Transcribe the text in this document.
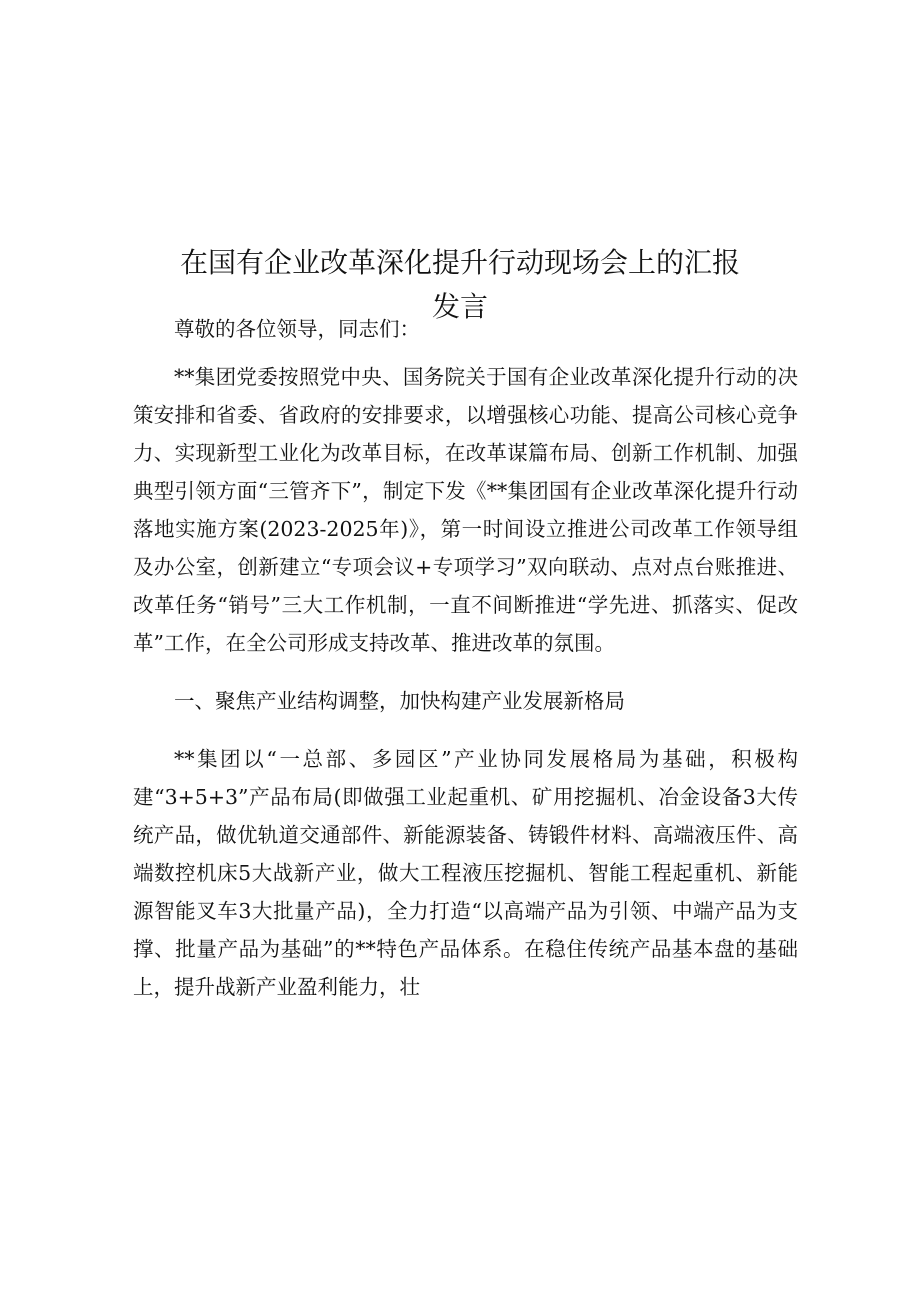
在国有企业改革深化提升行动现场会上的汇报
发言

尊敬的各位领导，同志们：

**集团党委按照党中央、国务院关于国有企业改革深化提升行动的决策安排和省委、省政府的安排要求，以增强核心功能、提高公司核心竞争力、实现新型工业化为改革目标，在改革谋篇布局、创新工作机制、加强典型引领方面“三管齐下”，制定下发《**集团国有企业改革深化提升行动落地实施方案(2023-2025年)》，第一时间设立推进公司改革工作领导组及办公室，创新建立“专项会议+专项学习”双向联动、点对点台账推进、改革任务“销号”三大工作机制，一直不间断推进“学先进、抓落实、促改革”工作，在全公司形成支持改革、推进改革的氛围。

一、聚焦产业结构调整，加快构建产业发展新格局

**集团以“一总部、多园区”产业协同发展格局为基础，积极构建“3+5+3”产品布局(即做强工业起重机、矿用挖掘机、冶金设备3大传统产品，做优轨道交通部件、新能源装备、铸锻件材料、高端液压件、高端数控机床5大战新产业，做大工程液压挖掘机、智能工程起重机、新能源智能叉车3大批量产品)，全力打造“以高端产品为引领、中端产品为支撑、批量产品为基础”的**特色产品体系。在稳住传统产品基本盘的基础上，提升战新产业盈利能力，壮
